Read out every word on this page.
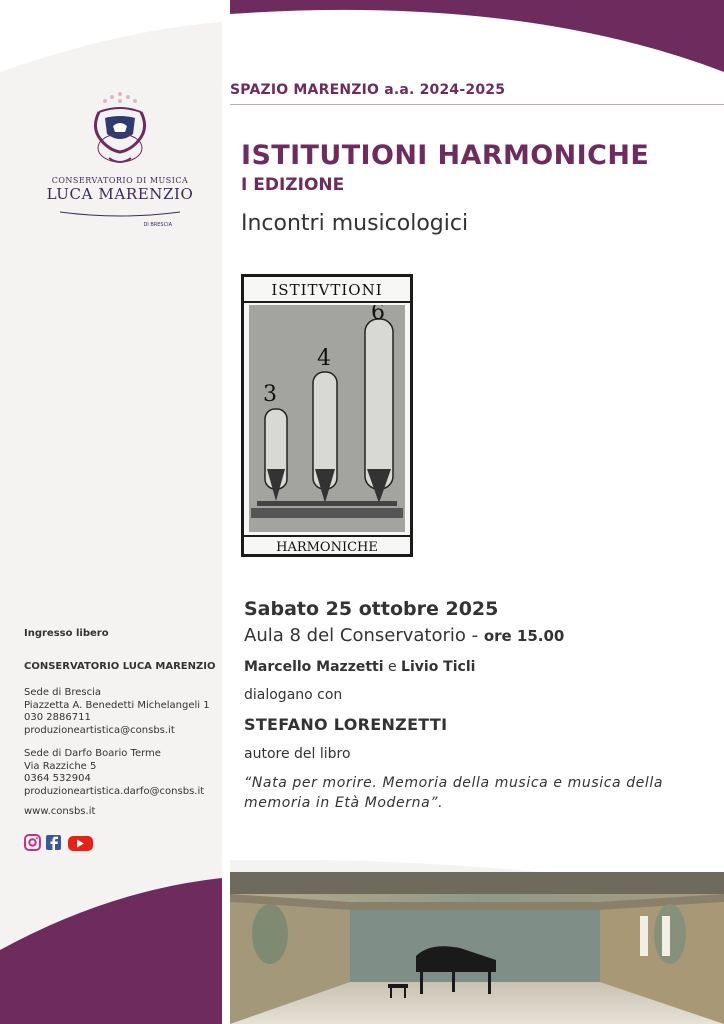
CONSERVATORIO DI MUSICA
LUCA MARENZIO
DI BRESCIA
SPAZIO MARENZIO a.a. 2024-2025
ISTITUTIONI HARMONICHE
I EDIZIONE
Incontri musicologici
ISTITVTIONI
3
4
6
HARMONICHE
Sabato 25 ottobre 2025
Aula 8 del Conservatorio - ore 15.00
Marcello Mazzetti e Livio Ticli
dialogano con
STEFANO LORENZETTI
autore del libro
“Nata per morire. Memoria della musica e musica della memoria in Età Moderna”.
Ingresso libero
CONSERVATORIO LUCA MARENZIO
Sede di Brescia
Piazzetta A. Benedetti Michelangeli 1
030 2886711
produzioneartistica@consbs.it
Sede di Darfo Boario Terme
Via Razziche 5
0364 532904
produzioneartistica.darfo@consbs.it
www.consbs.it
